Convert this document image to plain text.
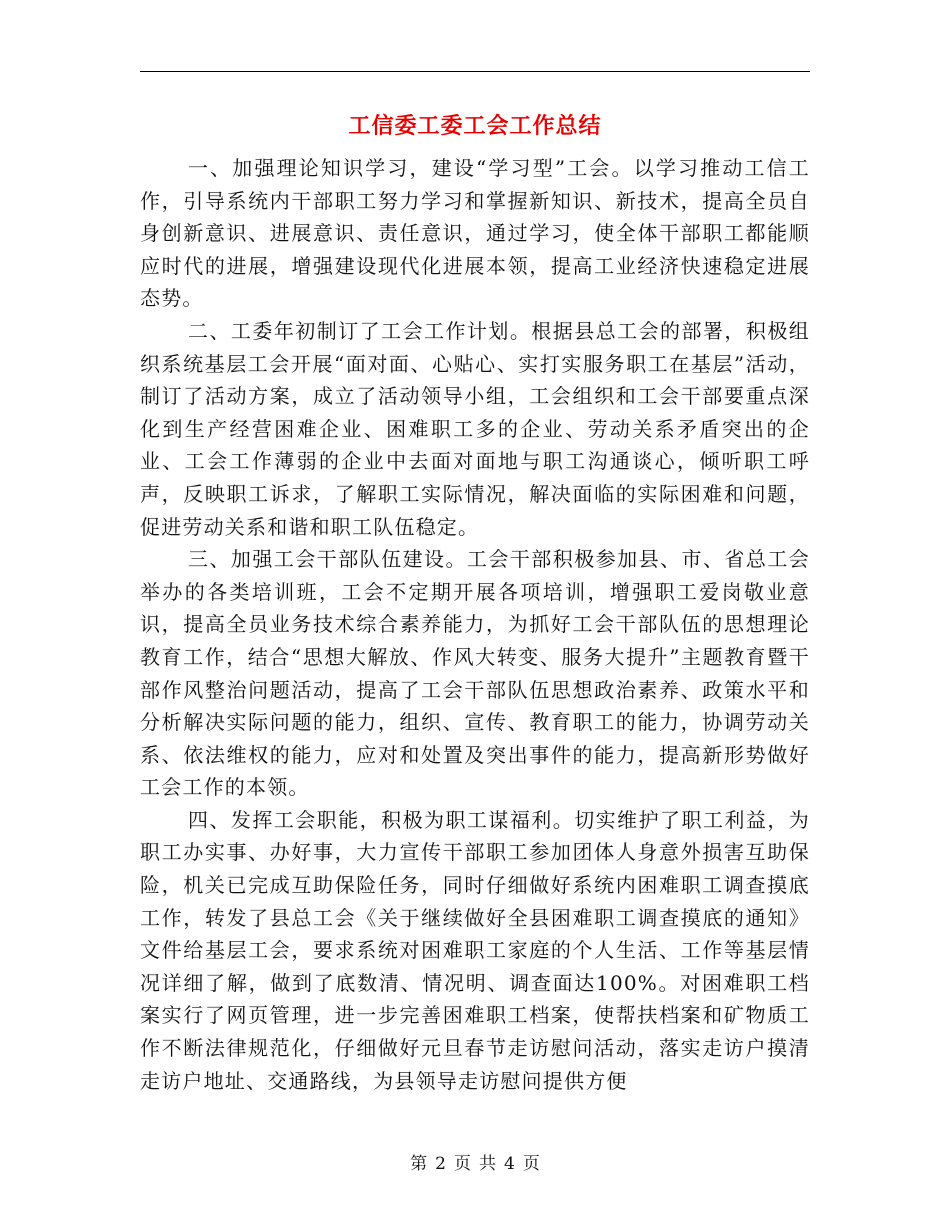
工信委工委工会工作总结

一、加强理论知识学习，建设“学习型”工会。以学习推动工信工作，引导系统内干部职工努力学习和掌握新知识、新技术，提高全员自身创新意识、进展意识、责任意识，通过学习，使全体干部职工都能顺应时代的进展，增强建设现代化进展本领，提高工业经济快速稳定进展态势。

二、工委年初制订了工会工作计划。根据县总工会的部署，积极组织系统基层工会开展“面对面、心贴心、实打实服务职工在基层”活动，制订了活动方案，成立了活动领导小组，工会组织和工会干部要重点深化到生产经营困难企业、困难职工多的企业、劳动关系矛盾突出的企业、工会工作薄弱的企业中去面对面地与职工沟通谈心，倾听职工呼声，反映职工诉求，了解职工实际情况，解决面临的实际困难和问题，促进劳动关系和谐和职工队伍稳定。

三、加强工会干部队伍建设。工会干部积极参加县、市、省总工会举办的各类培训班，工会不定期开展各项培训，增强职工爱岗敬业意识，提高全员业务技术综合素养能力，为抓好工会干部队伍的思想理论教育工作，结合“思想大解放、作风大转变、服务大提升”主题教育暨干部作风整治问题活动，提高了工会干部队伍思想政治素养、政策水平和分析解决实际问题的能力，组织、宣传、教育职工的能力，协调劳动关系、依法维权的能力，应对和处置及突出事件的能力，提高新形势做好工会工作的本领。

四、发挥工会职能，积极为职工谋福利。切实维护了职工利益，为职工办实事、办好事，大力宣传干部职工参加团体人身意外损害互助保险，机关已完成互助保险任务，同时仔细做好系统内困难职工调查摸底工作，转发了县总工会《关于继续做好全县困难职工调查摸底的通知》文件给基层工会，要求系统对困难职工家庭的个人生活、工作等基层情况详细了解，做到了底数清、情况明、调查面达100%。对困难职工档案实行了网页管理，进一步完善困难职工档案，使帮扶档案和矿物质工作不断法律规范化，仔细做好元旦春节走访慰问活动，落实走访户摸清走访户地址、交通路线，为县领导走访慰问提供方便

第 2 页 共 4 页
